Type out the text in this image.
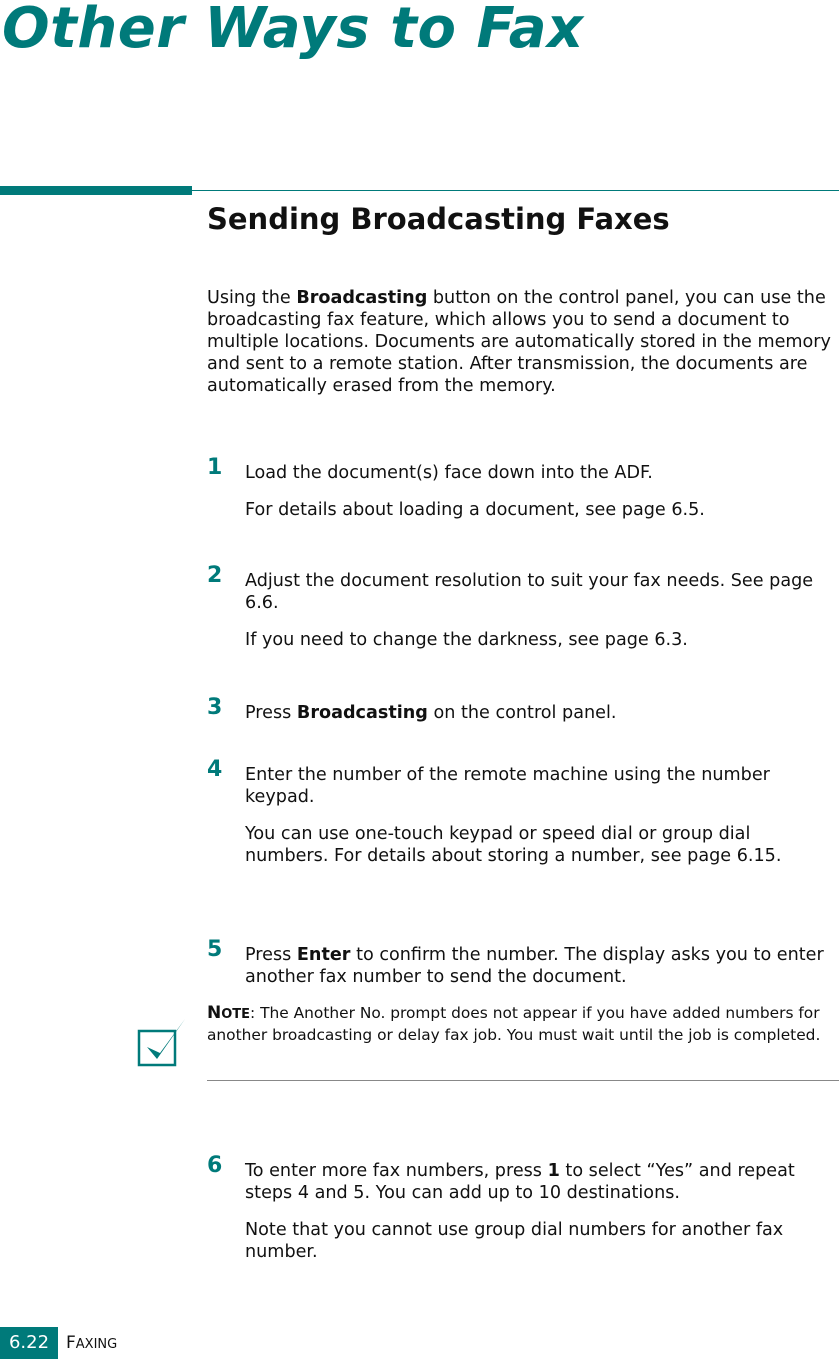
Other Ways to Fax
Sending Broadcasting Faxes

Using the Broadcasting button on the control panel, you can use the broadcasting fax feature, which allows you to send a document to multiple locations. Documents are automatically stored in the memory and sent to a remote station. After transmission, the documents are automatically erased from the memory.

1 Load the document(s) face down into the ADF.
For details about loading a document, see page 6.5.
2 Adjust the document resolution to suit your fax needs. See page 6.6.
If you need to change the darkness, see page 6.3.
3 Press Broadcasting on the control panel.
4 Enter the number of the remote machine using the number keypad.
You can use one-touch keypad or speed dial or group dial numbers. For details about storing a number, see page 6.15.
5 Press Enter to confirm the number. The display asks you to enter another fax number to send the document.
NOTE: The Another No. prompt does not appear if you have added numbers for another broadcasting or delay fax job. You must wait until the job is completed.
6 To enter more fax numbers, press 1 to select “Yes” and repeat steps 4 and 5. You can add up to 10 destinations.
Note that you cannot use group dial numbers for another fax number.
6.22 FAXING
